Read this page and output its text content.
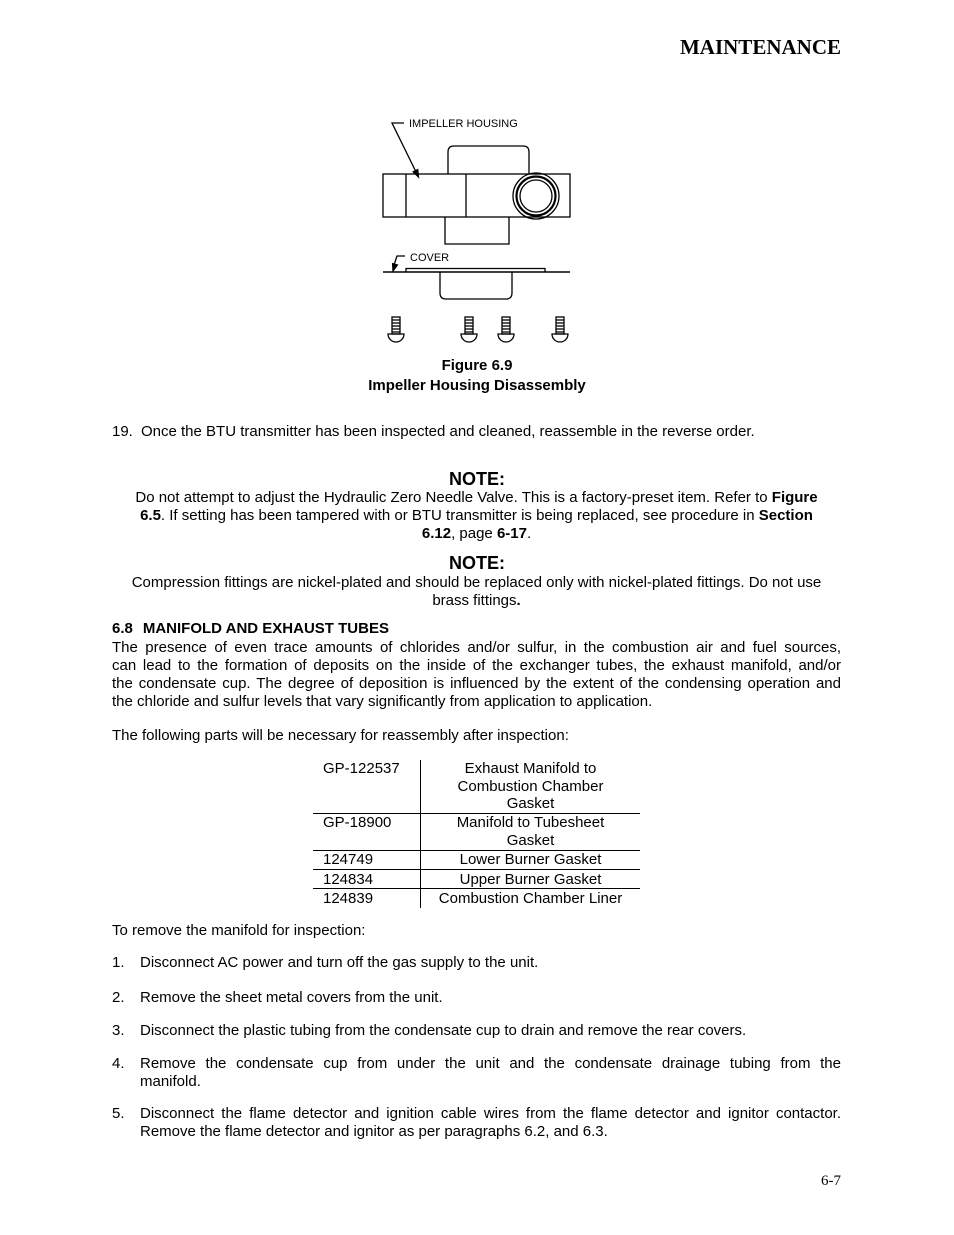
MAINTENANCE
IMPELLER HOUSING
COVER
Figure 6.9
Impeller Housing Disassembly
19. Once the BTU transmitter has been inspected and cleaned, reassemble in the reverse order.
NOTE:
Do not attempt to adjust the Hydraulic Zero Needle Valve. This is a factory-preset item. Refer to Figure
6.5. If setting has been tampered with or BTU transmitter is being replaced, see procedure in Section
6.12, page 6-17.
NOTE:
Compression fittings are nickel-plated and should be replaced only with nickel-plated fittings. Do not use
brass fittings.
6.8 MANIFOLD AND EXHAUST TUBES
The presence of even trace amounts of chlorides and/or sulfur, in the combustion air and fuel sources,
can lead to the formation of deposits on the inside of the exchanger tubes, the exhaust manifold, and/or
the condensate cup. The degree of deposition is influenced by the extent of the condensing operation and
the chloride and sulfur levels that vary significantly from application to application.
The following parts will be necessary for reassembly after inspection:
GP-122537	Exhaust Manifold to
Combustion Chamber
Gasket
GP-18900	Manifold to Tubesheet
Gasket
124749	Lower Burner Gasket
124834	Upper Burner Gasket
124839	Combustion Chamber Liner
To remove the manifold for inspection:
1. Disconnect AC power and turn off the gas supply to the unit.
2. Remove the sheet metal covers from the unit.
3. Disconnect the plastic tubing from the condensate cup to drain and remove the rear covers.
4. Remove the condensate cup from under the unit and the condensate drainage tubing from the
manifold.
5. Disconnect the flame detector and ignition cable wires from the flame detector and ignitor contactor.
Remove the flame detector and ignitor as per paragraphs 6.2, and 6.3.
6-7
